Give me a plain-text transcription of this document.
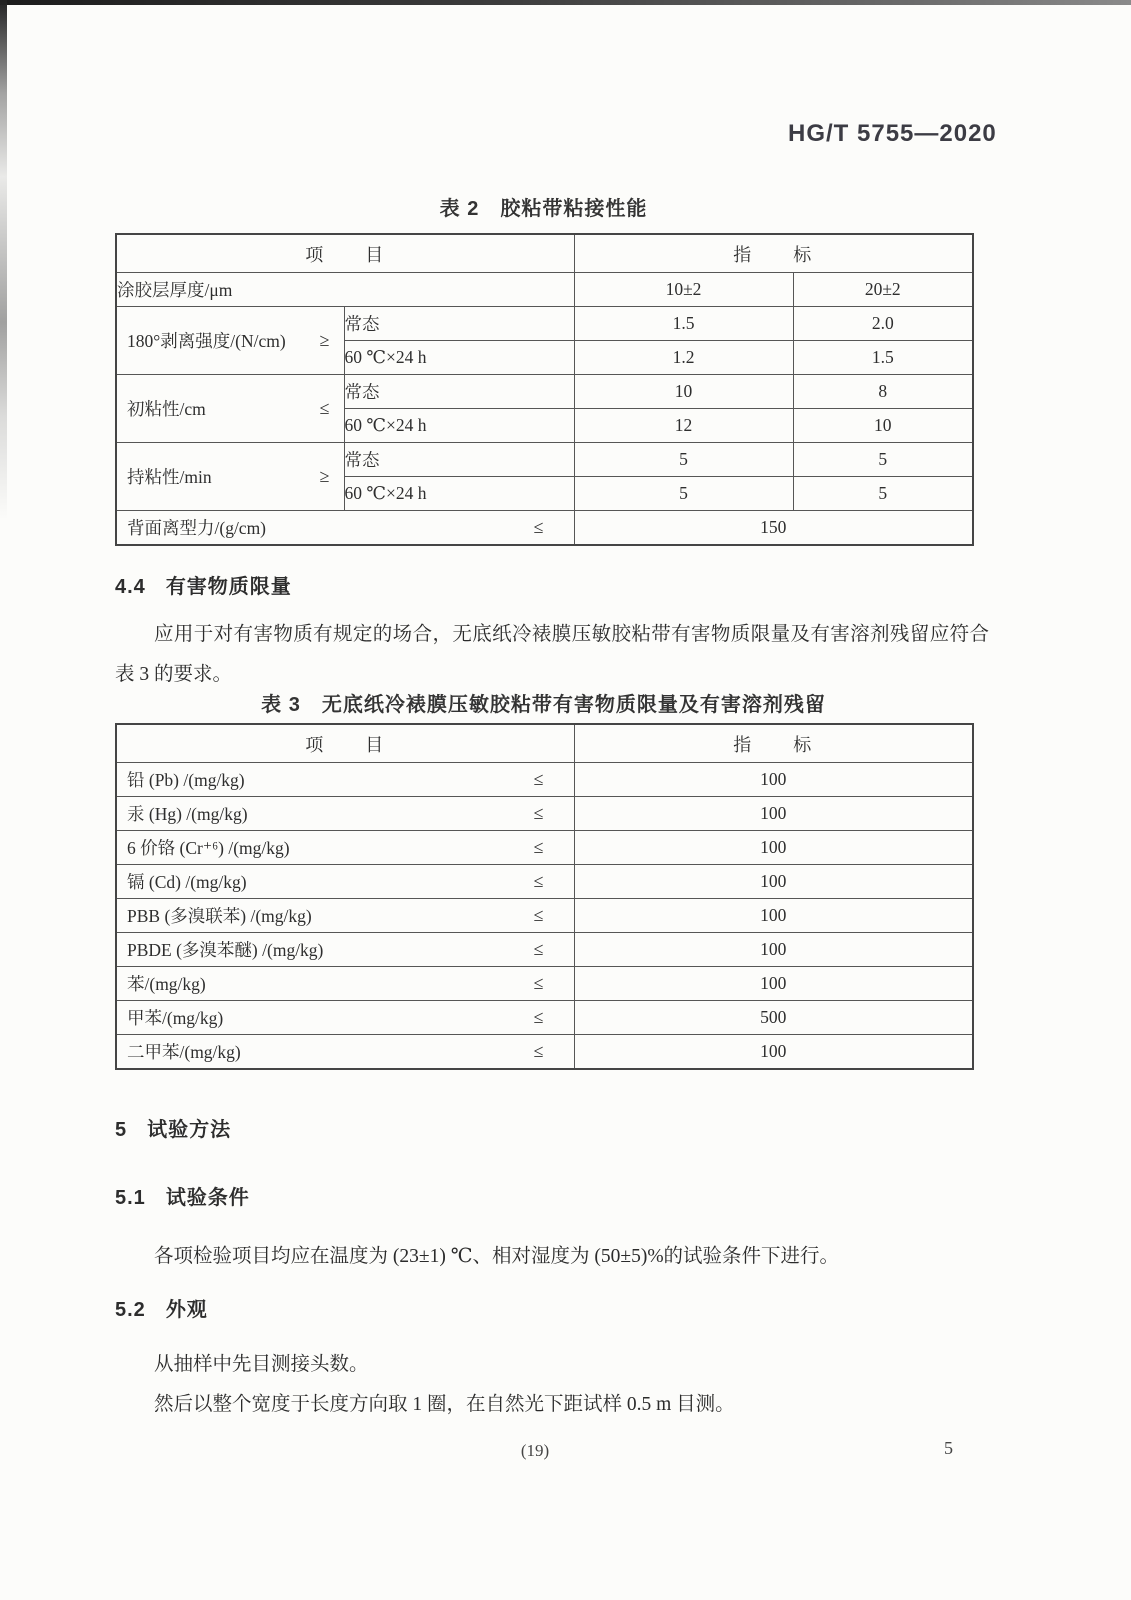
HG/T 5755—2020
表 2　胶粘带粘接性能
项　　目		指　　标	
涂胶层厚度/μm		10±2	20±2

180°剥离强度/(N/cm) ≥	常态	1.5	2.0
	60 ℃×24 h	1.2	1.5

初粘性/cm ≤	常态	10	8
	60 ℃×24 h	12	10

持粘性/min ≥	常态	5	5
	60 ℃×24 h	5	5

背面离型力/(g/cm) ≤		150	
4.4 有害物质限量
应用于对有害物质有规定的场合，无底纸冷裱膜压敏胶粘带有害物质限量及有害溶剂残留应符合表 3 的要求。
表 3　无底纸冷裱膜压敏胶粘带有害物质限量及有害溶剂残留
项　　目	指　　标

铅 (Pb) /(mg/kg) ≤	100

汞 (Hg) /(mg/kg) ≤	100

6 价铬 (Cr⁺⁶) /(mg/kg) ≤	100

镉 (Cd) /(mg/kg) ≤	100

PBB (多溴联苯) /(mg/kg) ≤	100

PBDE (多溴苯醚) /(mg/kg) ≤	100

苯/(mg/kg) ≤	100

甲苯/(mg/kg) ≤	500

二甲苯/(mg/kg) ≤	100
5 试验方法
5.1 试验条件
各项检验项目均应在温度为 (23±1) ℃、相对湿度为 (50±5)%的试验条件下进行。
5.2 外观
从抽样中先目测接头数。
然后以整个宽度于长度方向取 1 圈，在自然光下距试样 0.5 m 目测。
(19)	5
